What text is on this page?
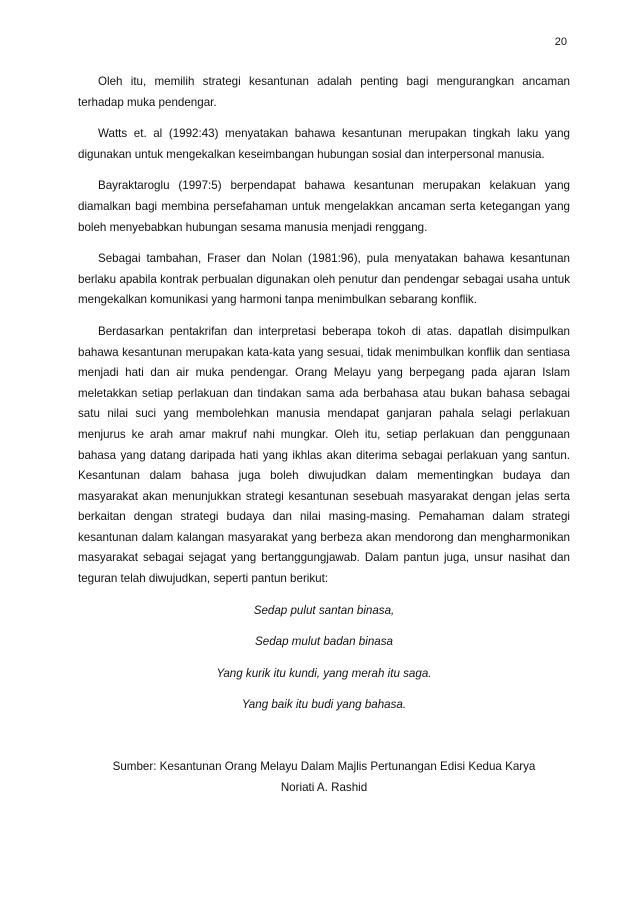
20

Oleh itu, memilih strategi kesantunan adalah penting bagi mengurangkan ancaman terhadap muka pendengar.

Watts et. al (1992:43) menyatakan bahawa kesantunan merupakan tingkah laku yang digunakan untuk mengekalkan keseimbangan hubungan sosial dan interpersonal manusia.

Bayraktaroglu (1997:5) berpendapat bahawa kesantunan merupakan kelakuan yang diamalkan bagi membina persefahaman untuk mengelakkan ancaman serta ketegangan yang boleh menyebabkan hubungan sesama manusia menjadi renggang.

Sebagai tambahan, Fraser dan Nolan (1981:96), pula menyatakan bahawa kesantunan berlaku apabila kontrak perbualan digunakan oleh penutur dan pendengar sebagai usaha untuk mengekalkan komunikasi yang harmoni tanpa menimbulkan sebarang konflik.

Berdasarkan pentakrifan dan interpretasi beberapa tokoh di atas. dapatlah disimpulkan bahawa kesantunan merupakan kata-kata yang sesuai, tidak menimbulkan konflik dan sentiasa menjadi hati dan air muka pendengar. Orang Melayu yang berpegang pada ajaran Islam meletakkan setiap perlakuan dan tindakan sama ada berbahasa atau bukan bahasa sebagai satu nilai suci yang membolehkan manusia mendapat ganjaran pahala selagi perlakuan menjurus ke arah amar makruf nahi mungkar. Oleh itu, setiap perlakuan dan penggunaan bahasa yang datang daripada hati yang ikhlas akan diterima sebagai perlakuan yang santun. Kesantunan dalam bahasa juga boleh diwujudkan dalam mementingkan budaya dan masyarakat akan menunjukkan strategi kesantunan sesebuah masyarakat dengan jelas serta berkaitan dengan strategi budaya dan nilai masing-masing. Pemahaman dalam strategi kesantunan dalam kalangan masyarakat yang berbeza akan mendorong dan mengharmonikan masyarakat sebagai sejagat yang bertanggungjawab. Dalam pantun juga, unsur nasihat dan teguran telah diwujudkan, seperti pantun berikut:

Sedap pulut santan binasa,
Sedap mulut badan binasa
Yang kurik itu kundi, yang merah itu saga.
Yang baik itu budi yang bahasa.
Sumber: Kesantunan Orang Melayu Dalam Majlis Pertunangan Edisi Kedua Karya
Noriati A. Rashid
